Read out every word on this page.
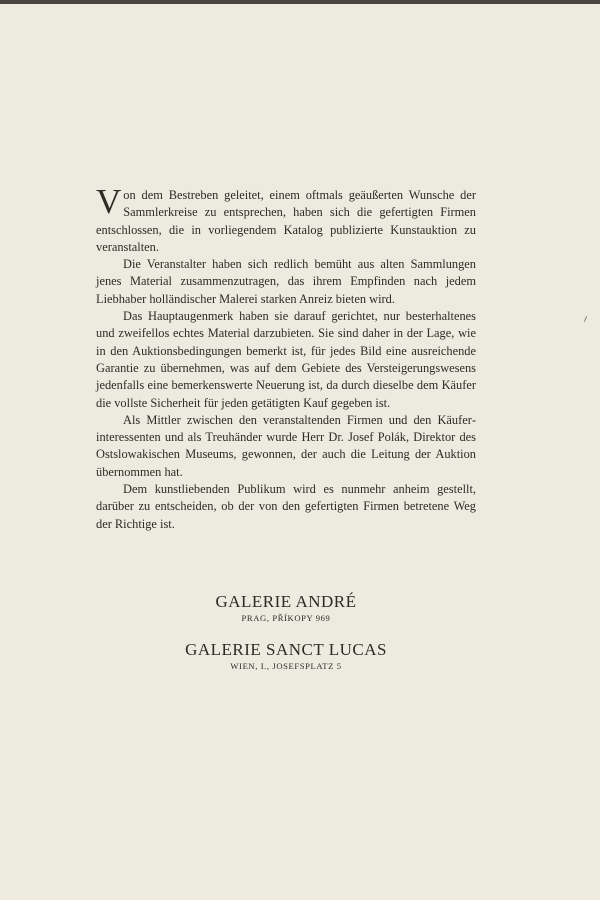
Von dem Bestreben geleitet, einem oftmals geäußerten Wunsche der Sammlerkreise zu entsprechen, haben sich die gefertigten Firmen entschlossen, die in vorliegendem Katalog publizierte Kunstauktion zu veranstalten.

Die Veranstalter haben sich redlich bemüht aus alten Sammlungen jenes Material zusammenzutragen, das ihrem Empfinden nach jedem Liebhaber holländischer Malerei starken Anreiz bieten wird.

Das Hauptaugenmerk haben sie darauf gerichtet, nur besterhaltenes und zweifellos echtes Material darzubieten. Sie sind daher in der Lage, wie in den Auktionsbedingungen bemerkt ist, für jedes Bild eine ausreichende Garantie zu übernehmen, was auf dem Gebiete des Versteigerungswesens jedenfalls eine bemerkenswerte Neuerung ist, da durch dieselbe dem Käufer die vollste Sicherheit für jeden getätigten Kauf gegeben ist.

Als Mittler zwischen den veranstaltenden Firmen und den Käuferinteressenten und als Treuhänder wurde Herr Dr. Josef Polák, Direktor des Ostslowakischen Museums, gewonnen, der auch die Leitung der Auktion übernommen hat.

Dem kunstliebenden Publikum wird es nunmehr anheim gestellt, darüber zu entscheiden, ob der von den gefertigten Firmen betretene Weg der Richtige ist.

GALERIE ANDRÉ
PRAG, PŘÍKOPY 969
GALERIE SANCT LUCAS
WIEN, I., JOSEFSPLATZ 5
